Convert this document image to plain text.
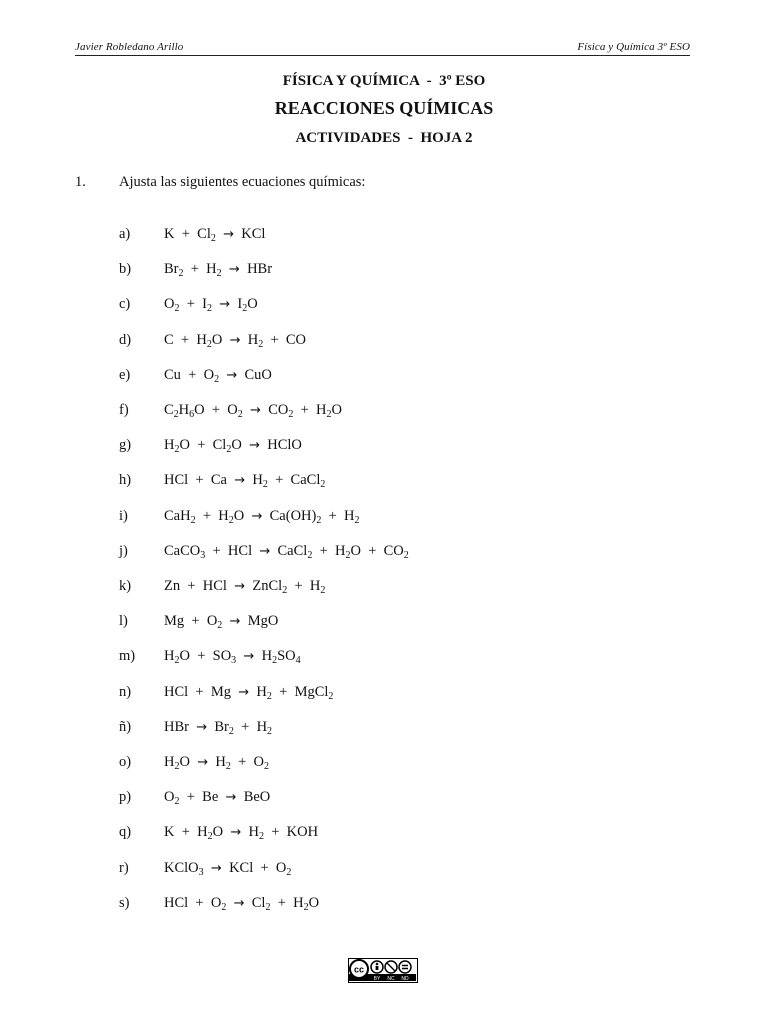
Javier Robledano Arillo	Física y Química 3º ESO
FÍSICA Y QUÍMICA  -  3º ESO
REACCIONES QUÍMICAS
ACTIVIDADES  -  HOJA 2
1. Ajusta las siguientes ecuaciones químicas:
a) $K + Cl_2$ →  KCl
b) $Br_2 + H_2$ →  HBr
c) $O_2 + I_2 \to I_2O$
d) $C + H_2O \to H_2$  +  CO
e) $Cu + O_2$ →  CuO
f) $C_2H_6O + O_2 \to CO_2 + H_2O$
g) $H_2O + Cl_2O$  →  HClO
h) HCl  +  $Ca \to H_2$  +  CaCl$_2$
i) $CaH_2 + H_2O \to Ca(OH)_2 + H_2$
j) CaCO$_3$  +  HCl  →  CaCl$_2$  +  $H_2O + CO_2$
k) Zn  +  HCl  →  ZnCl$_2$  +  $H_2$
l) $Mg + O_2$ →  MgO
m) $H_2O + SO_3 \to H_2SO_4$
n) HCl  +  $Mg \to H_2$  +  MgCl$_2$
ñ) HBr  →  $Br_2 + H_2$
o) $H_2O \to H_2 + O_2$
p) $O_2 + Be$  →  BeO
q) $K + H_2O \to H_2$  +  KOH
r) KClO$_3$ →  KCl  +  $O_2$
s) HCl  +  $O_2 \to Cl_2 + H_2O$
cc
BY NC ND
